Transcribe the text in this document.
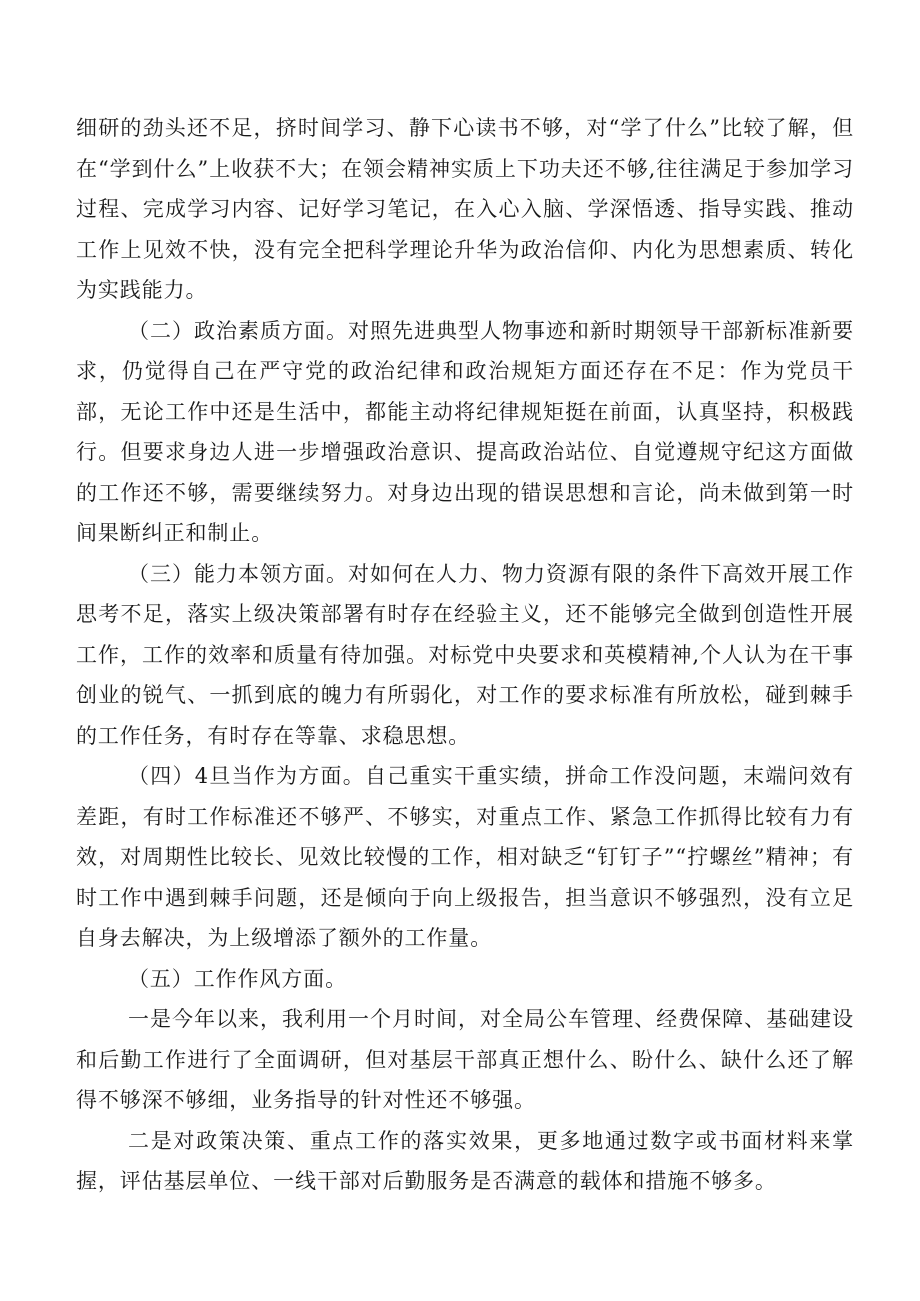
细研的劲头还不足，挤时间学习、静下心读书不够，对“学了什么”比较了解，但在“学到什么”上收获不大；在领会精神实质上下功夫还不够,往往满足于参加学习过程、完成学习内容、记好学习笔记，在入心入脑、学深悟透、指导实践、推动工作上见效不快，没有完全把科学理论升华为政治信仰、内化为思想素质、转化为实践能力。

（二）政治素质方面。对照先进典型人物事迹和新时期领导干部新标准新要求，仍觉得自己在严守党的政治纪律和政治规矩方面还存在不足：作为党员干部，无论工作中还是生活中，都能主动将纪律规矩挺在前面，认真坚持，积极践行。但要求身边人进一步增强政治意识、提高政治站位、自觉遵规守纪这方面做的工作还不够，需要继续努力。对身边出现的错误思想和言论，尚未做到第一时间果断纠正和制止。

（三）能力本领方面。对如何在人力、物力资源有限的条件下高效开展工作思考不足，落实上级决策部署有时存在经验主义，还不能够完全做到创造性开展工作，工作的效率和质量有待加强。对标党中央要求和英模精神,个人认为在干事创业的锐气、一抓到底的魄力有所弱化，对工作的要求标准有所放松，碰到棘手的工作任务，有时存在等靠、求稳思想。

（四）4旦当作为方面。自己重实干重实绩，拼命工作没问题，末端问效有差距，有时工作标准还不够严、不够实，对重点工作、紧急工作抓得比较有力有效，对周期性比较长、见效比较慢的工作，相对缺乏“钉钉子”“拧螺丝”精神；有时工作中遇到棘手问题，还是倾向于向上级报告，担当意识不够强烈，没有立足自身去解决，为上级增添了额外的工作量。

（五）工作作风方面。

一是今年以来，我利用一个月时间，对全局公车管理、经费保障、基础建设和后勤工作进行了全面调研，但对基层干部真正想什么、盼什么、缺什么还了解得不够深不够细，业务指导的针对性还不够强。

二是对政策决策、重点工作的落实效果，更多地通过数字或书面材料来掌握，评估基层单位、一线干部对后勤服务是否满意的载体和措施不够多。
